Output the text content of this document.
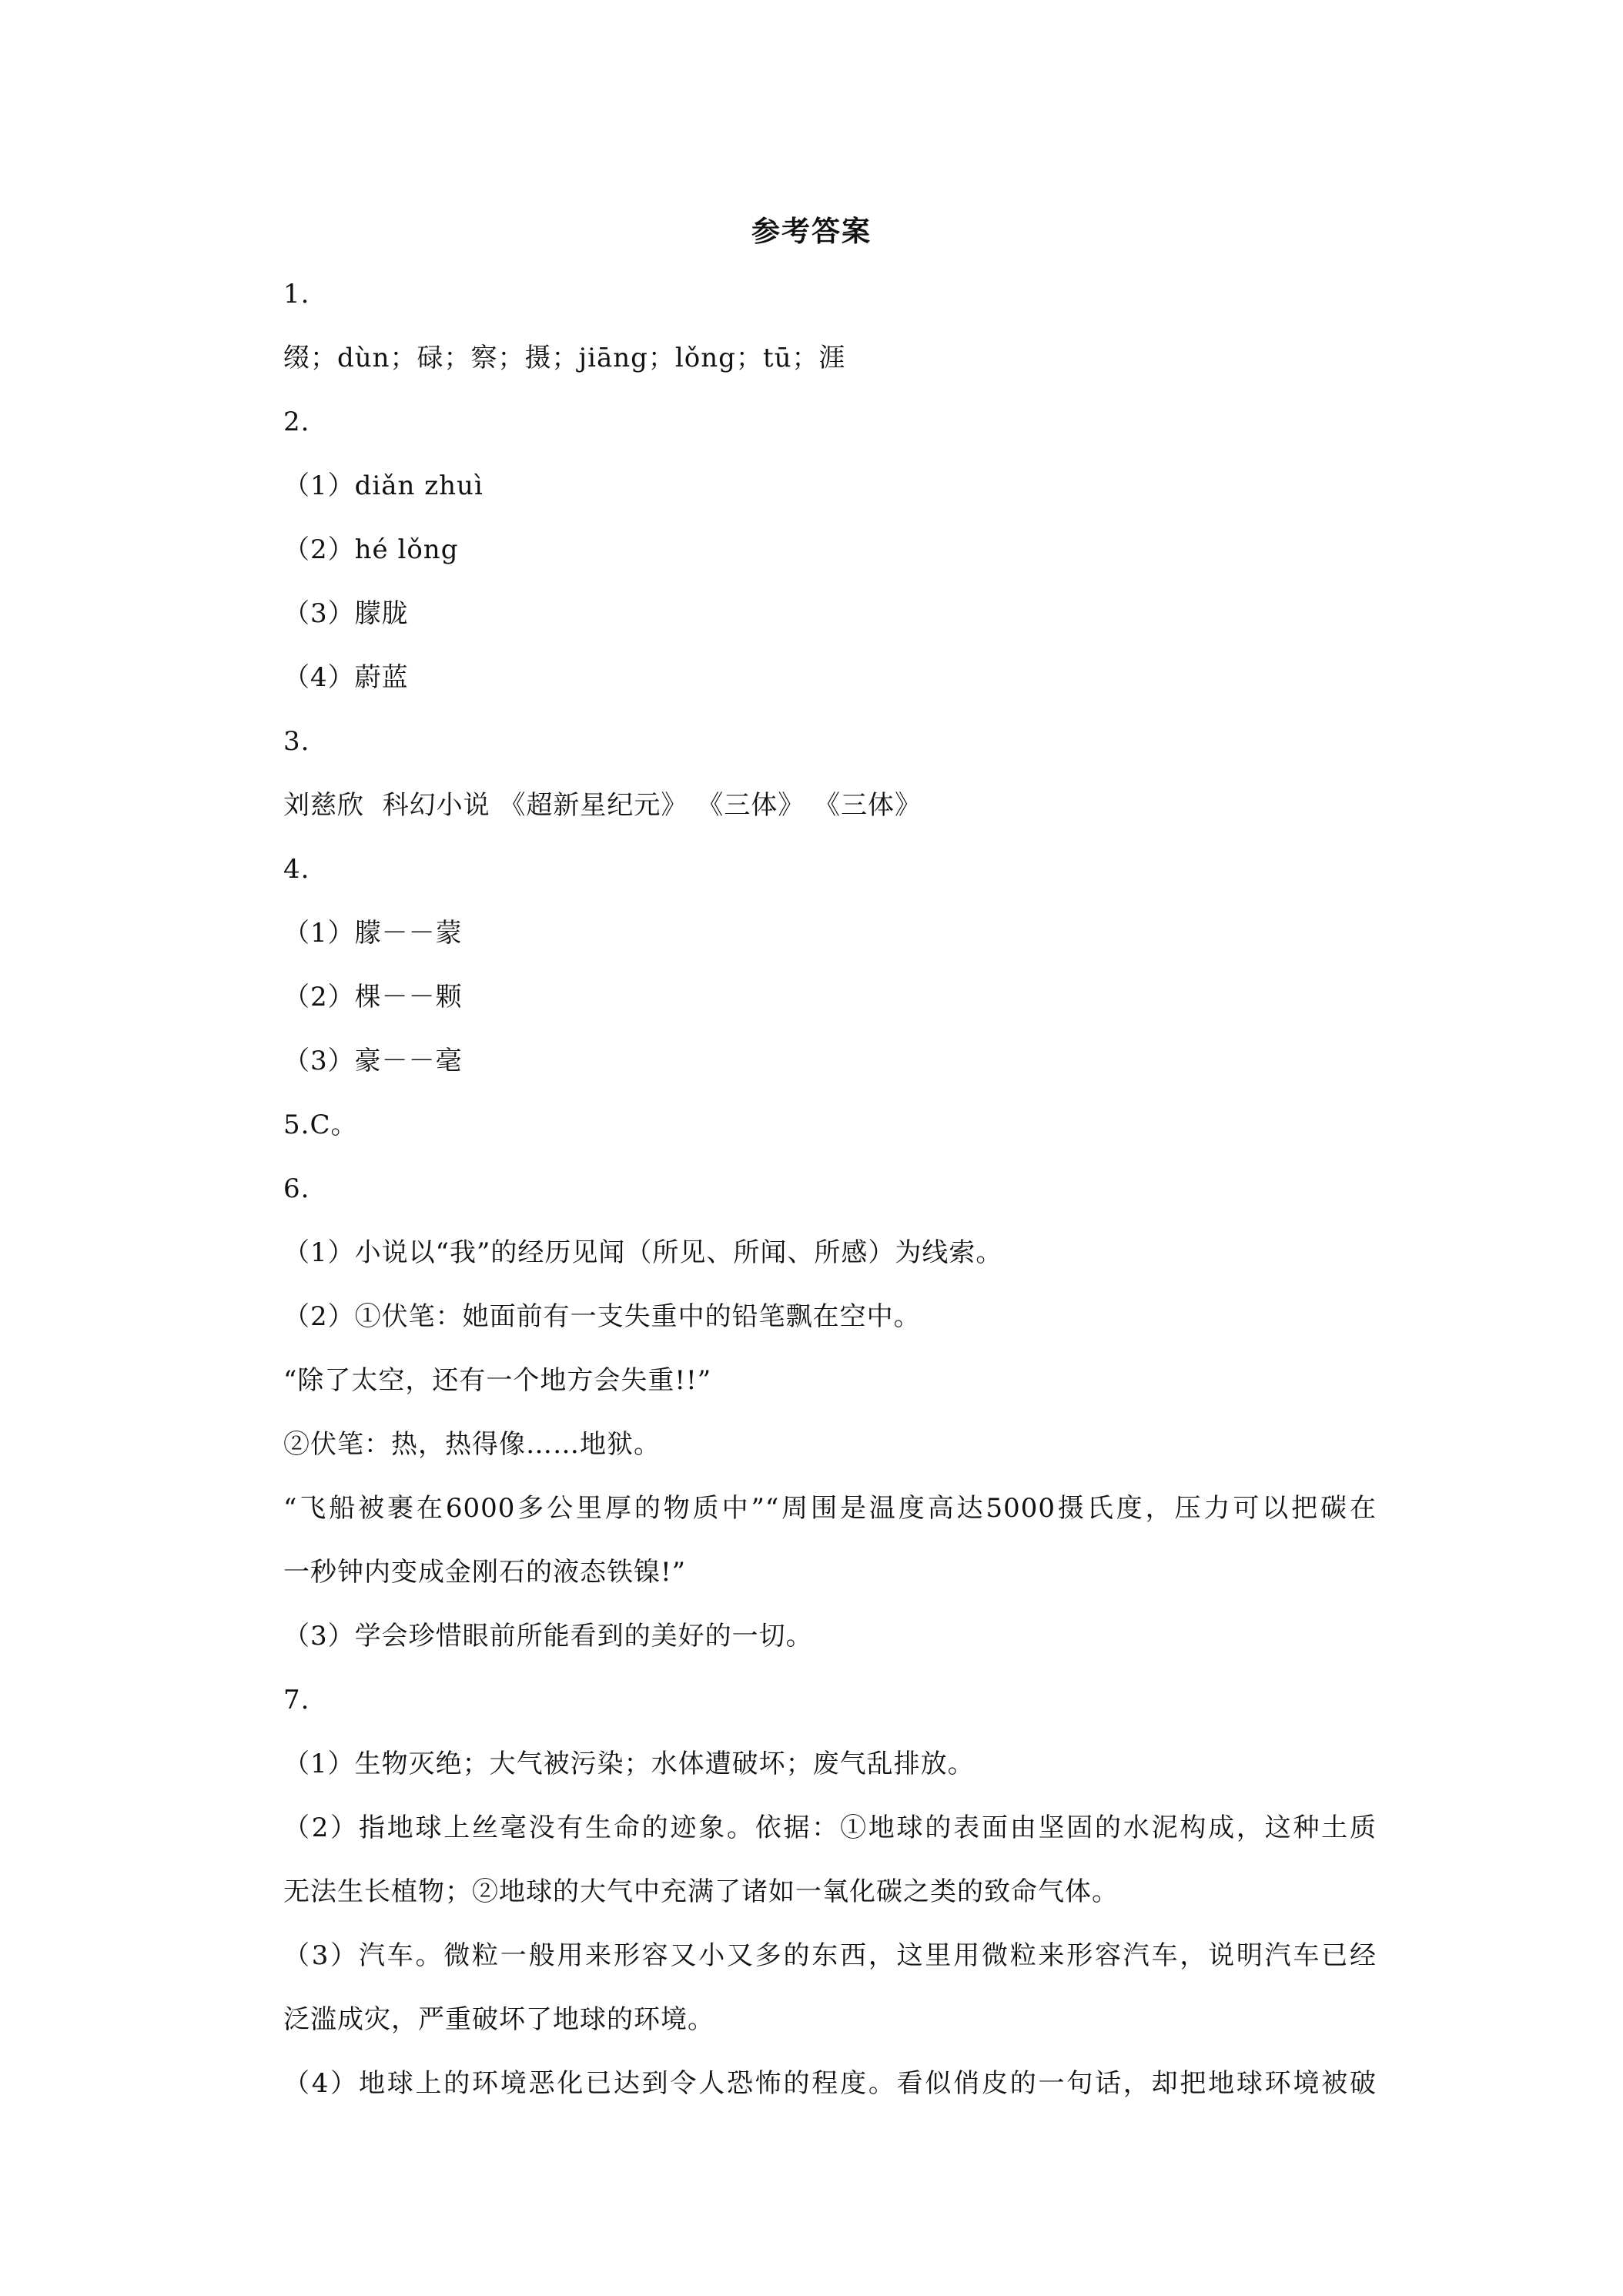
参考答案
1.
缀；dùn；碌；察；摄；jiāng；lǒng；tū；涯
2.
（1）diǎn zhuì
（2）hé lǒng
（3）朦胧
（4）蔚蓝
3.
刘慈欣  科幻小说 《超新星纪元》 《三体》 《三体》
4.
（1）朦－－蒙
（2）棵－－颗
（3）豪－－毫
5.C。
6.
（1）小说以“我”的经历见闻（所见、所闻、所感）为线索。
（2）①伏笔：她面前有一支失重中的铅笔飘在空中。
“除了太空，还有一个地方会失重!!”
②伏笔：热，热得像……地狱。
“飞船被裹在6000多公里厚的物质中”“周围是温度高达5000摄氏度，压力可以把碳在
一秒钟内变成金刚石的液态铁镍!”
（3）学会珍惜眼前所能看到的美好的一切。
7.
（1）生物灭绝；大气被污染；水体遭破坏；废气乱排放。
（2）指地球上丝毫没有生命的迹象。依据：①地球的表面由坚固的水泥构成，这种土质
无法生长植物；②地球的大气中充满了诸如一氧化碳之类的致命气体。
（3）汽车。微粒一般用来形容又小又多的东西，这里用微粒来形容汽车，说明汽车已经
泛滥成灾，严重破坏了地球的环境。
（4）地球上的环境恶化已达到令人恐怖的程度。看似俏皮的一句话，却把地球环境被破
